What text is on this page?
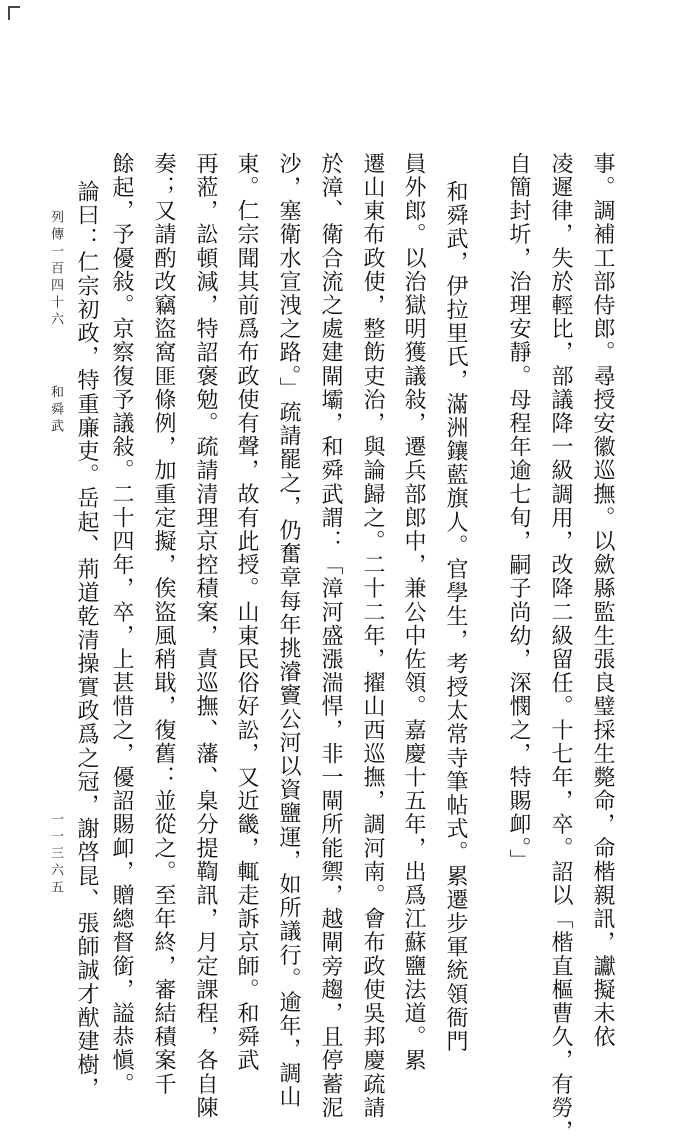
事。調補工部侍郎。尋授安徽巡撫。以歛縣監生張良璧採生斃命，命楷親訊，讞擬未依
凌遲律，失於輕比，部議降一級調用，改降二級留任。十七年，卒。詔以「楷直樞曹久，有勞，
自簡封圻，治理安靜。母程年逾七旬，嗣子尚幼，深憫之，特賜卹。」
和舜武，伊拉里氏，滿洲鑲藍旗人。官學生，考授太常寺筆帖式。累遷步軍統領衙門
員外郎。以治獄明獲議敍，遷兵部郎中，兼公中佐領。嘉慶十五年，出爲江蘇鹽法道。累
遷山東布政使，整飭吏治，與論歸之。二十二年，擢山西巡撫，調河南。會布政使吳邦慶疏請
於漳、衛合流之處建閘壩，和舜武謂：「漳河盛漲湍悍，非一閘所能禦，越閘旁趨，且停蓄泥
沙，塞衛水宣洩之路。」疏請罷之，仍奮章每年挑濬竇公河以資鹽運，如所議行。逾年，調山
東。仁宗聞其前爲布政使有聲，故有此授。山東民俗好訟，又近畿，輒走訴京師。和舜武
再蒞，訟頓減，特詔褒勉。疏請清理京控積案，責巡撫、藩、臬分提鞫訊，月定課程，各自陳
奏；又請酌改竊盜窩匪條例，加重定擬，俟盜風稍戢，復舊：並從之。至年終，審結積案千
餘起，予優敍。京察復予議敍。二十四年，卒，上甚惜之，優詔賜卹，贈總督銜，謚恭愼。
論曰：仁宗初政，特重廉吏。岳起、荊道乾清操實政爲之冠，謝啓昆、張師誠才猷建樹，
列傳一百四十六
和舜武
一一三六五
